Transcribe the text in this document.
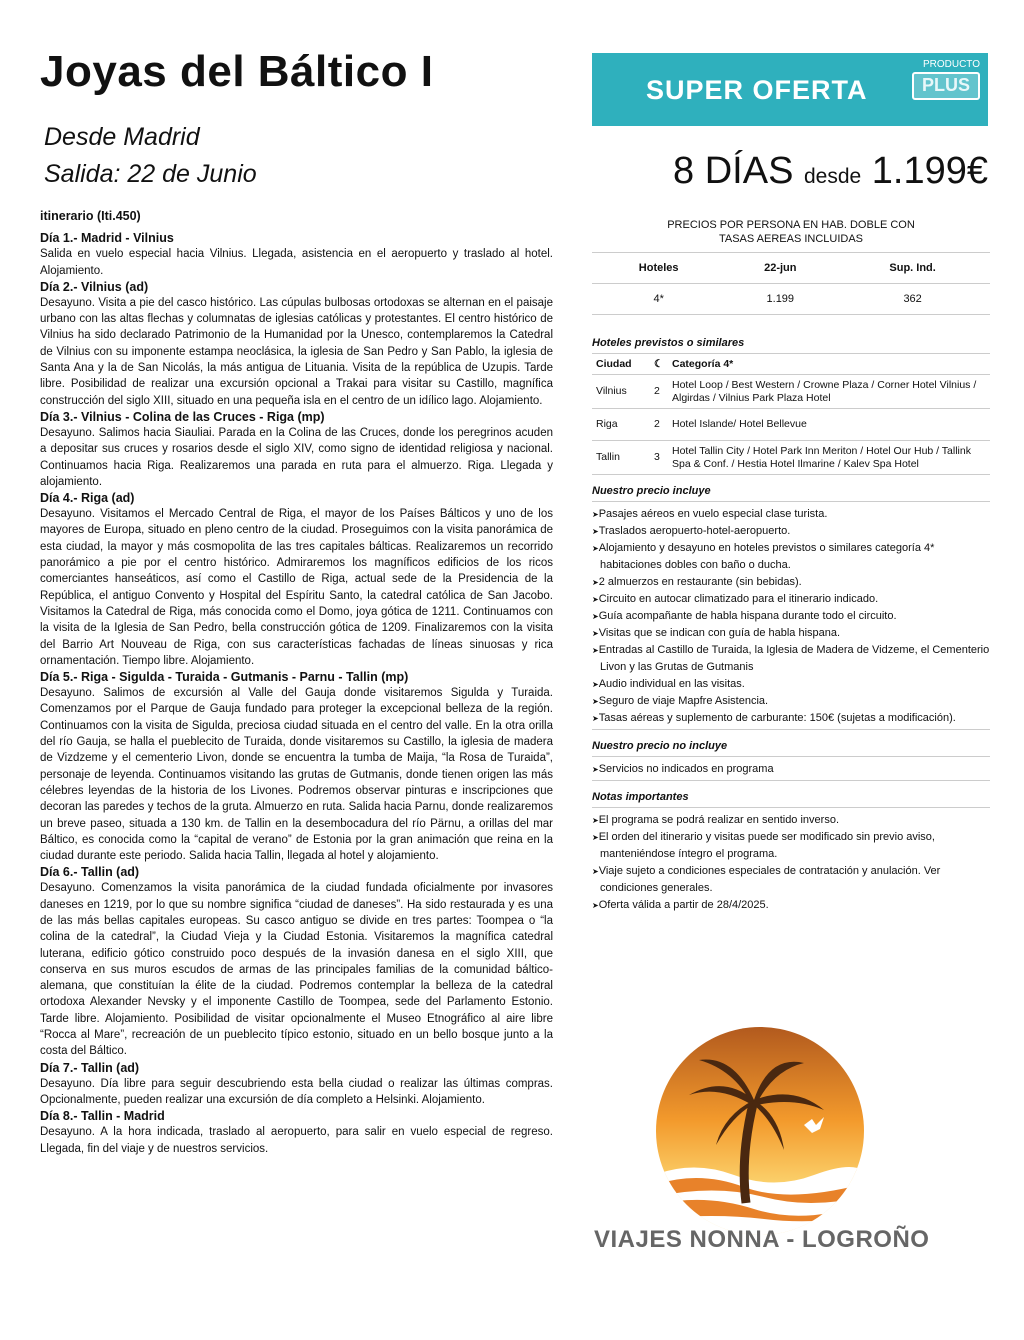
Joyas del Báltico I
Desde Madrid
Salida: 22 de Junio
itinerario (Iti.450)
Día 1.- Madrid - Vilnius
Salida en vuelo especial hacia Vilnius. Llegada, asistencia en el aeropuerto y traslado al hotel. Alojamiento.
Día 2.- Vilnius (ad)
Desayuno. Visita a pie del casco histórico. Las cúpulas bulbosas ortodoxas se alternan en el paisaje urbano con las altas flechas y columnatas de iglesias católicas y protestantes. El centro histórico de Vilnius ha sido declarado Patrimonio de la Humanidad por la Unesco, contemplaremos la Catedral de Vilnius con su imponente estampa neoclásica, la iglesia de San Pedro y San Pablo, la iglesia de Santa Ana y la de San Nicolás, la más antigua de Lituania. Visita de la república de Uzupis. Tarde libre. Posibilidad de realizar una excursión opcional a Trakai para visitar su Castillo, magnífica construcción del siglo XIII, situado en una pequeña isla en el centro de un idílico lago. Alojamiento.
Día 3.- Vilnius - Colina de las Cruces - Riga (mp)
Desayuno. Salimos hacia Siauliai. Parada en la Colina de las Cruces, donde los peregrinos acuden a depositar sus cruces y rosarios desde el siglo XIV, como signo de identidad religiosa y nacional. Continuamos hacia Riga. Realizaremos una parada en ruta para el almuerzo. Riga. Llegada y alojamiento.
Día 4.- Riga (ad)
Desayuno. Visitamos el Mercado Central de Riga, el mayor de los Países Bálticos y uno de los mayores de Europa, situado en pleno centro de la ciudad. Proseguimos con la visita panorámica de esta ciudad, la mayor y más cosmopolita de las tres capitales bálticas. Realizaremos un recorrido panorámico a pie por el centro histórico. Admiraremos los magníficos edificios de los ricos comerciantes hanseáticos, así como el Castillo de Riga, actual sede de la Presidencia de la República, el antiguo Convento y Hospital del Espíritu Santo, la catedral católica de San Jacobo. Visitamos la Catedral de Riga, más conocida como el Domo, joya gótica de 1211. Continuamos con la visita de la Iglesia de San Pedro, bella construcción gótica de 1209. Finalizaremos con la visita del Barrio Art Nouveau de Riga, con sus características fachadas de líneas sinuosas y rica ornamentación. Tiempo libre. Alojamiento.
Día 5.- Riga - Sigulda - Turaida - Gutmanis - Parnu - Tallin (mp)
Desayuno. Salimos de excursión al Valle del Gauja donde visitaremos Sigulda y Turaida. Comenzamos por el Parque de Gauja fundado para proteger la excepcional belleza de la región. Continuamos con la visita de Sigulda, preciosa ciudad situada en el centro del valle. En la otra orilla del río Gauja, se halla el pueblecito de Turaida, donde visitaremos su Castillo, la iglesia de madera de Vizdzeme y el cementerio Livon, donde se encuentra la tumba de Maija, “la Rosa de Turaida”, personaje de leyenda. Continuamos visitando las grutas de Gutmanis, donde tienen origen las más célebres leyendas de la historia de los Livones. Podremos observar pinturas e inscripciones que decoran las paredes y techos de la gruta. Almuerzo en ruta. Salida hacia Parnu, donde realizaremos un breve paseo, situada a 130 km. de Tallin en la desembocadura del río Pärnu, a orillas del mar Báltico, es conocida como la “capital de verano” de Estonia por la gran animación que reina en la ciudad durante este periodo. Salida hacia Tallin, llegada al hotel y alojamiento.
Día 6.- Tallin (ad)
Desayuno. Comenzamos la visita panorámica de la ciudad fundada oficialmente por invasores daneses en 1219, por lo que su nombre significa “ciudad de daneses”. Ha sido restaurada y es una de las más bellas capitales europeas. Su casco antiguo se divide en tres partes: Toompea o “la colina de la catedral”, la Ciudad Vieja y la Ciudad Estonia. Visitaremos la magnífica catedral luterana, edificio gótico construido poco después de la invasión danesa en el siglo XIII, que conserva en sus muros escudos de armas de las principales familias de la comunidad báltico-alemana, que constituían la élite de la ciudad. Podremos contemplar la belleza de la catedral ortodoxa Alexander Nevsky y el imponente Castillo de Toompea, sede del Parlamento Estonio. Tarde libre. Alojamiento. Posibilidad de visitar opcionalmente el Museo Etnográfico al aire libre “Rocca al Mare”, recreación de un pueblecito típico estonio, situado en un bello bosque junto a la costa del Báltico.
Día 7.- Tallin (ad)
Desayuno. Día libre para seguir descubriendo esta bella ciudad o realizar las últimas compras. Opcionalmente, pueden realizar una excursión de día completo a Helsinki. Alojamiento.
Día 8.- Tallin - Madrid
Desayuno. A la hora indicada, traslado al aeropuerto, para salir en vuelo especial de regreso. Llegada, fin del viaje y de nuestros servicios.
SUPER OFERTA
PRODUCTO
PLUS
8 DÍAS desde 1.199€
PRECIOS POR PERSONA EN HAB. DOBLE CON
TASAS AEREAS INCLUIDAS
Hoteles	22-jun	Sup. Ind.
4*	1.199	362
Hoteles previstos o similares
Ciudad	☾	Categoría 4*
Vilnius	2	Hotel Loop / Best Western / Crowne Plaza / Corner Hotel Vilnius / Algirdas / Vilnius Park Plaza Hotel
Riga	2	Hotel Islande/ Hotel Bellevue
Tallin	3	Hotel Tallin City / Hotel Park Inn Meriton / Hotel Our Hub / Tallink Spa & Conf. / Hestia Hotel Ilmarine / Kalev Spa Hotel
Nuestro precio incluye
➤ Pasajes aéreos en vuelo especial clase turista.
➤ Traslados aeropuerto-hotel-aeropuerto.
➤ Alojamiento y desayuno en hoteles previstos o similares categoría 4* habitaciones dobles con baño o ducha.
➤ 2 almuerzos en restaurante (sin bebidas).
➤ Circuito en autocar climatizado para el itinerario indicado.
➤ Guía acompañante de habla hispana durante todo el circuito.
➤ Visitas que se indican con guía de habla hispana.
➤ Entradas al Castillo de Turaida, la Iglesia de Madera de Vidzeme, el Cementerio Livon y las Grutas de Gutmanis
➤ Audio individual en las visitas.
➤ Seguro de viaje Mapfre Asistencia.
➤ Tasas aéreas y suplemento de carburante: 150€ (sujetas a modificación).
Nuestro precio no incluye
➤ Servicios no indicados en programa
Notas importantes
➤ El programa se podrá realizar en sentido inverso.
➤ El orden del itinerario y visitas puede ser modificado sin previo aviso, manteniéndose íntegro el programa.
➤ Viaje sujeto a condiciones especiales de contratación y anulación. Ver condiciones generales.
➤ Oferta válida a partir de 28/4/2025.
VIAJES NONNA - LOGROÑO
